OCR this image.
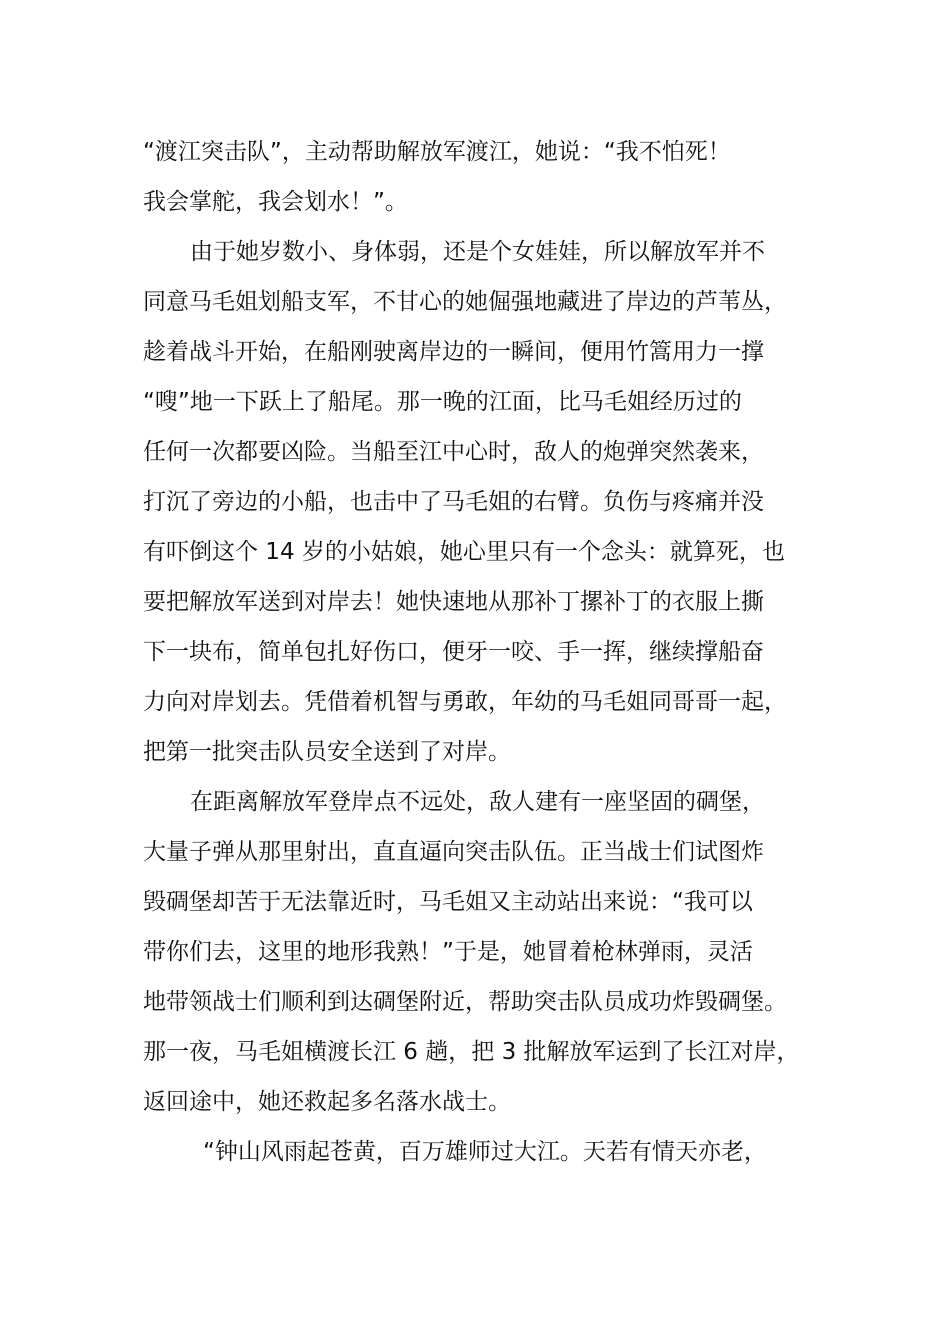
“渡江突击队”，主动帮助解放军渡江，她说：“我不怕死！
我会掌舵，我会划水！”。
由于她岁数小、身体弱，还是个女娃娃，所以解放军并不
同意马毛姐划船支军，不甘心的她倔强地藏进了岸边的芦苇丛，
趁着战斗开始，在船刚驶离岸边的一瞬间，便用竹篙用力一撑
“嗖”地一下跃上了船尾。那一晚的江面，比马毛姐经历过的
任何一次都要凶险。当船至江中心时，敌人的炮弹突然袭来，
打沉了旁边的小船，也击中了马毛姐的右臂。负伤与疼痛并没
有吓倒这个 14 岁的小姑娘，她心里只有一个念头：就算死，也
要把解放军送到对岸去！她快速地从那补丁摞补丁的衣服上撕
下一块布，简单包扎好伤口，便牙一咬、手一挥，继续撑船奋
力向对岸划去。凭借着机智与勇敢，年幼的马毛姐同哥哥一起，
把第一批突击队员安全送到了对岸。
在距离解放军登岸点不远处，敌人建有一座坚固的碉堡，
大量子弹从那里射出，直直逼向突击队伍。正当战士们试图炸
毁碉堡却苦于无法靠近时，马毛姐又主动站出来说：“我可以
带你们去，这里的地形我熟！”于是，她冒着枪林弹雨，灵活
地带领战士们顺利到达碉堡附近，帮助突击队员成功炸毁碉堡。
那一夜，马毛姐横渡长江 6 趟，把 3 批解放军运到了长江对岸，
返回途中，她还救起多名落水战士。
“钟山风雨起苍黄，百万雄师过大江。天若有情天亦老，
